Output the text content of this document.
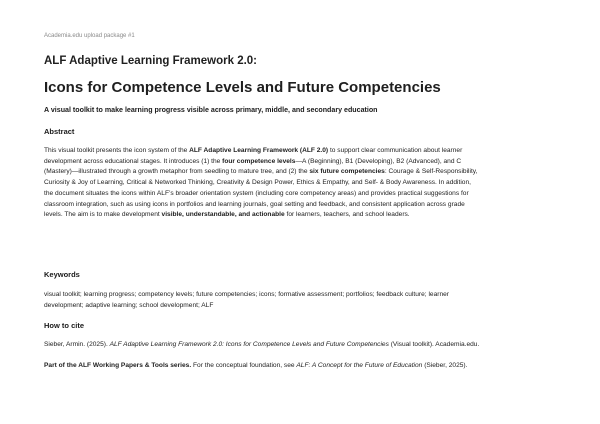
Academia.edu upload package #1
ALF Adaptive Learning Framework 2.0:
Icons for Competence Levels and Future Competencies
A visual toolkit to make learning progress visible across primary, middle, and secondary education
Abstract
This visual toolkit presents the icon system of the ALF Adaptive Learning Framework (ALF 2.0) to support clear communication about learner
development across educational stages. It introduces (1) the four competence levels—A (Beginning), B1 (Developing), B2 (Advanced), and C
(Mastery)—illustrated through a growth metaphor from seedling to mature tree, and (2) the six future competencies: Courage & Self-Responsibility,
Curiosity & Joy of Learning, Critical & Networked Thinking, Creativity & Design Power, Ethics & Empathy, and Self- & Body Awareness. In addition,
the document situates the icons within ALF’s broader orientation system (including core competency areas) and provides practical suggestions for
classroom integration, such as using icons in portfolios and learning journals, goal setting and feedback, and consistent application across grade
levels. The aim is to make development visible, understandable, and actionable for learners, teachers, and school leaders.
Keywords
visual toolkit; learning progress; competency levels; future competencies; icons; formative assessment; portfolios; feedback culture; learner
development; adaptive learning; school development; ALF
How to cite
Sieber, Armin. (2025). ALF Adaptive Learning Framework 2.0: Icons for Competence Levels and Future Competencies (Visual toolkit). Academia.edu.
Part of the ALF Working Papers & Tools series. For the conceptual foundation, see ALF: A Concept for the Future of Education (Sieber, 2025).
